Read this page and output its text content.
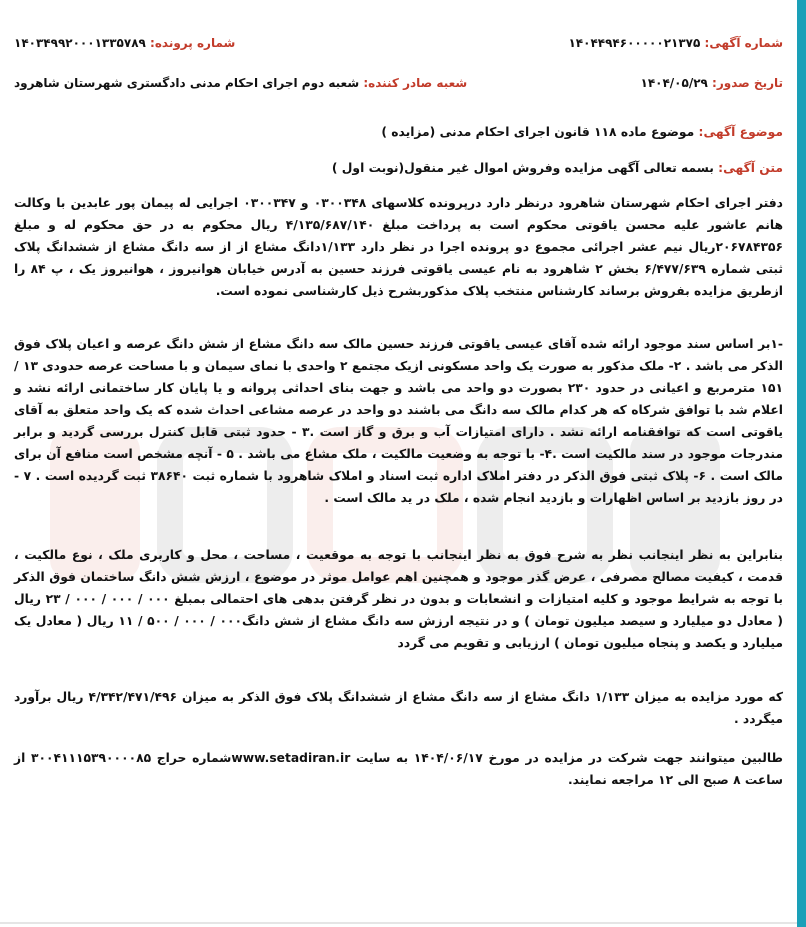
شماره آگهی: ۱۴۰۴۴۹۴۶۰۰۰۰۰۲۱۳۷۵
شماره پرونده: ۱۴۰۳۴۹۹۲۰۰۰۱۳۳۵۷۸۹
تاریخ صدور: ۱۴۰۴/۰۵/۲۹
شعبه صادر کننده: شعبه دوم اجرای احکام مدنی دادگستری شهرستان شاهرود
موضوع آگهی: موضوع ماده ۱۱۸ قانون اجرای احکام مدنی (مزایده )
متن آگهی: بسمه تعالی آگهی مزایده وفروش اموال غیر منقول(نوبت اول )
دفتر اجرای احکام شهرستان شاهرود درنظر دارد درپرونده کلاسهای ۰۳۰۰۳۴۸ و ۰۳۰۰۳۴۷ اجرایی له پیمان پور عابدین با وکالت هانم عاشور علیه محسن یاقوتی محکوم است به پرداخت مبلغ ۴/۱۳۵/۶۸۷/۱۴۰ ریال محکوم به در حق محکوم له و مبلغ ۲۰۶۷۸۴۳۵۶ریال نیم عشر اجرائی مجموع دو پرونده اجرا در نظر دارد ۱/۱۳۳دانگ مشاع از از سه دانگ مشاع از ششدانگ پلاک ثبتی شماره ۶/۴۷۷/۶۳۹ بخش ۲ شاهرود به نام عیسی یاقوتی فرزند حسین به آدرس خیابان هوانیروز ، هوانیروز یک ، پ ۸۴ را ازطریق مزایده بفروش برساند کارشناس منتخب پلاک مذکوربشرح ذیل کارشناسی نموده است.
-۱بر اساس سند موجود ارائه شده آقای عیسی یاقوتی فرزند حسین مالک سه دانگ مشاع از شش دانگ عرصه و اعیان پلاک فوق الذکر می باشد . ۲- ملک مذکور به صورت یک واحد مسکونی ازیک مجتمع ۲ واحدی با نمای سیمان و با مساحت عرصه حدودی ۱۳ / ۱۵۱ مترمربع و اعیانی در حدود ۲۳۰ بصورت دو واحد می باشد و جهت بنای احداثی پروانه و یا پایان کار ساختمانی ارائه نشد و اعلام شد با توافق شرکاه که هر کدام مالک سه دانگ می باشند دو واحد در عرصه مشاعی احداث شده که یک واحد متعلق به آقای یاقوتی است که توافقنامه ارائه نشد . دارای امتیازات آب و برق و گاز است .۳ - حدود ثبتی قابل کنترل بررسی گردید و برابر مندرجات موجود در سند مالکیت است .۴- با توجه به وضعیت مالکیت ، ملک مشاع می باشد . ۵ - آنچه مشخص است منافع آن برای مالک است . ۶- پلاک ثبتی فوق الذکر در دفتر املاک اداره ثبت اسناد و املاک شاهرود با شماره ثبت ۳۸۶۴۰ ثبت گردیده است . ۷ - در روز بازدید بر اساس اظهارات و بازدید انجام شده ، ملک در ید مالک است .
بنابراین به نظر اینجانب نظر به شرح فوق به نظر اینجانب با توجه به موقعیت ، مساحت ، محل و کاربری ملک ، نوع مالکیت ، قدمت ، کیفیت مصالح مصرفی ، عرض گذر موجود و همچنین اهم عوامل موثر در موضوع ، ارزش شش دانگ ساختمان فوق الذکر با توجه به شرایط موجود و کلیه امتیازات و انشعابات و بدون در نظر گرفتن بدهی های احتمالی بمبلغ ۰۰۰ / ۰۰۰ / ۰۰۰ / ۲۳ ریال ( معادل دو میلیارد و سیصد میلیون تومان ) و در نتیجه ارزش سه دانگ مشاع از شش دانگ۰۰۰ / ۰۰۰ / ۵۰۰ / ۱۱ ریال ( معادل یک میلیارد و یکصد و پنجاه میلیون تومان ) ارزیابی و تقویم می گردد
که مورد مزایده به میزان ۱/۱۳۳ دانگ مشاع از سه دانگ مشاع از ششدانگ پلاک فوق الذکر به میزان ۴/۳۴۲/۴۷۱/۴۹۶ ریال برآورد میگردد .
طالبین میتوانند جهت شرکت در مزایده در مورخ ۱۴۰۴/۰۶/۱۷ به سایت www.setadiran.irشماره حراج ۳۰۰۴۱۱۱۵۳۹۰۰۰۰۸۵ از ساعت ۸ صبح الی ۱۲ مراجعه نمایند.
